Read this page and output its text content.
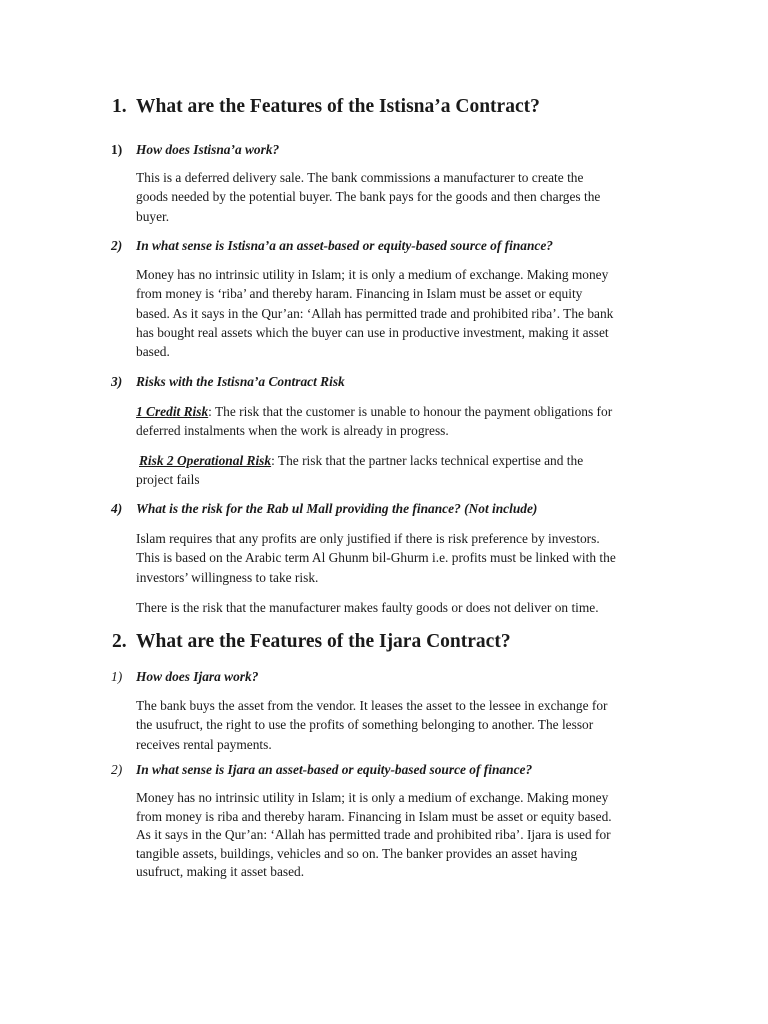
1. What are the Features of the Istisna’a Contract?
1) How does Istisna’a work?
This is a deferred delivery sale. The bank commissions a manufacturer to create the
goods needed by the potential buyer. The bank pays for the goods and then charges the
buyer.
2) In what sense is Istisna’a an asset-based or equity-based source of finance?
Money has no intrinsic utility in Islam; it is only a medium of exchange. Making money
from money is ‘riba’ and thereby haram. Financing in Islam must be asset or equity
based. As it says in the Qur’an: ‘Allah has permitted trade and prohibited riba’. The bank
has bought real assets which the buyer can use in productive investment, making it asset
based.
3) Risks with the Istisna’a Contract Risk
1 Credit Risk: The risk that the customer is unable to honour the payment obligations for
deferred instalments when the work is already in progress.
Risk 2 Operational Risk: The risk that the partner lacks technical expertise and the
project fails
4) What is the risk for the Rab ul Mall providing the finance? (Not include)
Islam requires that any profits are only justified if there is risk preference by investors.
This is based on the Arabic term Al Ghunm bil-Ghurm i.e. profits must be linked with the
investors’ willingness to take risk.
There is the risk that the manufacturer makes faulty goods or does not deliver on time.
2. What are the Features of the Ijara Contract?
1) How does Ijara work?
The bank buys the asset from the vendor. It leases the asset to the lessee in exchange for
the usufruct, the right to use the profits of something belonging to another. The lessor
receives rental payments.
2) In what sense is Ijara an asset-based or equity-based source of finance?
Money has no intrinsic utility in Islam; it is only a medium of exchange. Making money
from money is riba and thereby haram. Financing in Islam must be asset or equity based.
As it says in the Qur’an: ‘Allah has permitted trade and prohibited riba’. Ijara is used for
tangible assets, buildings, vehicles and so on. The banker provides an asset having
usufruct, making it asset based.
